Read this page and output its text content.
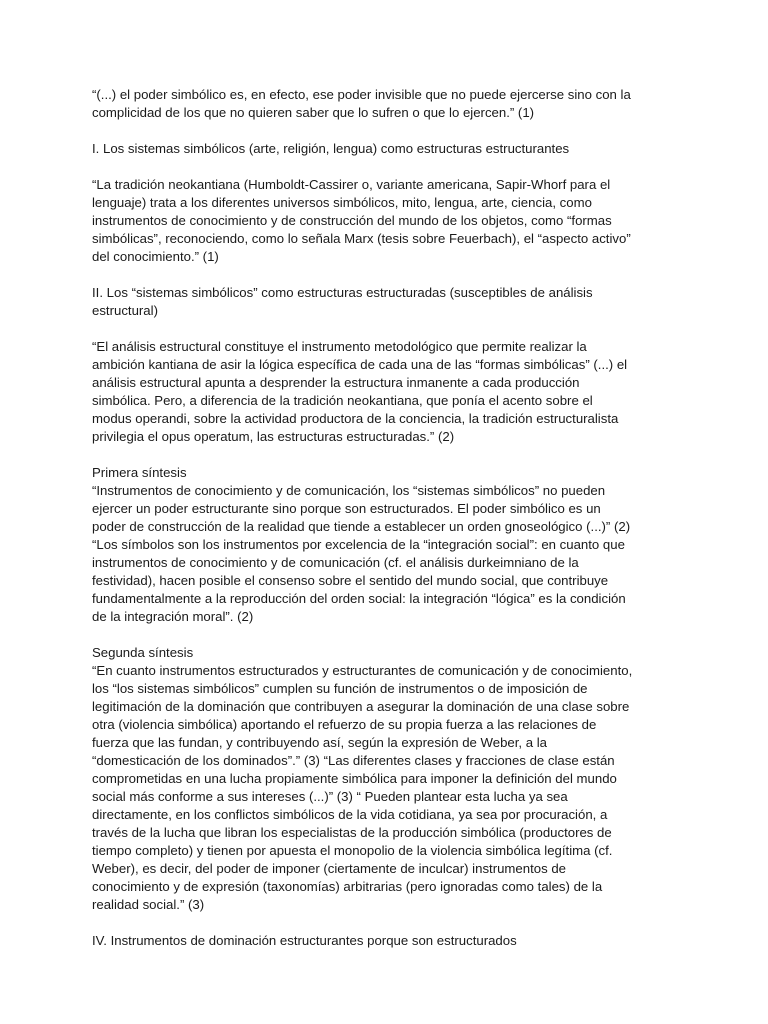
“(...) el poder simbólico es, en efecto, ese poder invisible que no puede ejercerse sino con la
complicidad de los que no quieren saber que lo sufren o que lo ejercen.” (1)

I. Los sistemas simbólicos (arte, religión, lengua) como estructuras estructurantes

“La tradición neokantiana (Humboldt-Cassirer o, variante americana, Sapir-Whorf para el
lenguaje) trata a los diferentes universos simbólicos, mito, lengua, arte, ciencia, como
instrumentos de conocimiento y de construcción del mundo de los objetos, como “formas
simbólicas”, reconociendo, como lo señala Marx (tesis sobre Feuerbach), el “aspecto activo”
del conocimiento.” (1)

II. Los “sistemas simbólicos” como estructuras estructuradas (susceptibles de análisis
estructural)

“El análisis estructural constituye el instrumento metodológico que permite realizar la
ambición kantiana de asir la lógica específica de cada una de las “formas simbólicas” (...) el
análisis estructural apunta a desprender la estructura inmanente a cada producción
simbólica. Pero, a diferencia de la tradición neokantiana, que ponía el acento sobre el
modus operandi, sobre la actividad productora de la conciencia, la tradición estructuralista
privilegia el opus operatum, las estructuras estructuradas.” (2)

Primera síntesis
“Instrumentos de conocimiento y de comunicación, los “sistemas simbólicos” no pueden
ejercer un poder estructurante sino porque son estructurados. El poder simbólico es un
poder de construcción de la realidad que tiende a establecer un orden gnoseológico (...)” (2)
“Los símbolos son los instrumentos por excelencia de la “integración social”: en cuanto que
instrumentos de conocimiento y de comunicación (cf. el análisis durkeimniano de la
festividad), hacen posible el consenso sobre el sentido del mundo social, que contribuye
fundamentalmente a la reproducción del orden social: la integración “lógica” es la condición
de la integración moral”. (2)

Segunda síntesis
“En cuanto instrumentos estructurados y estructurantes de comunicación y de conocimiento,
los “los sistemas simbólicos” cumplen su función de instrumentos o de imposición de
legitimación de la dominación que contribuyen a asegurar la dominación de una clase sobre
otra (violencia simbólica) aportando el refuerzo de su propia fuerza a las relaciones de
fuerza que las fundan, y contribuyendo así, según la expresión de Weber, a la
“domesticación de los dominados”.” (3) “Las diferentes clases y fracciones de clase están
comprometidas en una lucha propiamente simbólica para imponer la definición del mundo
social más conforme a sus intereses (...)” (3) “ Pueden plantear esta lucha ya sea
directamente, en los conflictos simbólicos de la vida cotidiana, ya sea por procuración, a
través de la lucha que libran los especialistas de la producción simbólica (productores de
tiempo completo) y tienen por apuesta el monopolio de la violencia simbólica legítima (cf.
Weber), es decir, del poder de imponer (ciertamente de inculcar) instrumentos de
conocimiento y de expresión (taxonomías) arbitrarias (pero ignoradas como tales) de la
realidad social.” (3)

IV. Instrumentos de dominación estructurantes porque son estructurados
